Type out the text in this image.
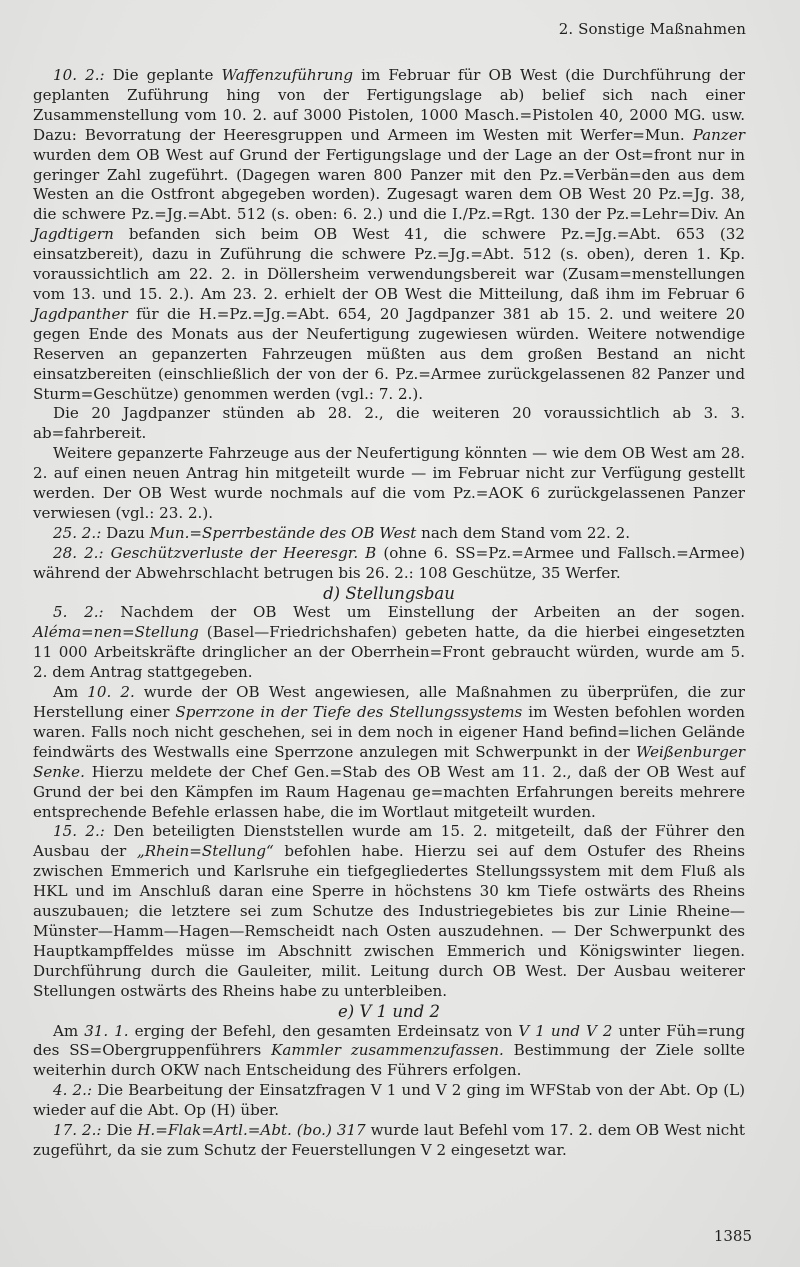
2. Sonstige Maßnahmen

10. 2.: Die geplante Waffenzuführung im Februar für OB West (die Durchführung der geplanten Zuführung hing von der Fertigungslage ab) belief sich nach einer Zusammenstellung vom 10. 2. auf 3000 Pistolen, 1000 Masch.=Pistolen 40, 2000 MG. usw. Dazu: Bevorratung der Heeresgruppen und Armeen im Westen mit Werfer=Mun. Panzer wurden dem OB West auf Grund der Fertigungslage und der Lage an der Ost=front nur in geringer Zahl zugeführt. (Dagegen waren 800 Panzer mit den Pz.=Verbän=den aus dem Westen an die Ostfront abgegeben worden). Zugesagt waren dem OB West 20 Pz.=Jg. 38, die schwere Pz.=Jg.=Abt. 512 (s. oben: 6. 2.) und die I./Pz.=Rgt. 130 der Pz.=Lehr=Div. An Jagdtigern befanden sich beim OB West 41, die schwere Pz.=Jg.=Abt. 653 (32 einsatzbereit), dazu in Zuführung die schwere Pz.=Jg.=Abt. 512 (s. oben), deren 1. Kp. voraussichtlich am 22. 2. in Döllersheim verwendungsbereit war (Zusam=menstellungen vom 13. und 15. 2.). Am 23. 2. erhielt der OB West die Mitteilung, daß ihm im Februar 6 Jagdpanther für die H.=Pz.=Jg.=Abt. 654, 20 Jagdpanzer 381 ab 15. 2. und weitere 20 gegen Ende des Monats aus der Neufertigung zugewiesen würden. Weitere notwendige Reserven an gepanzerten Fahrzeugen müßten aus dem großen Bestand an nicht einsatzbereiten (einschließlich der von der 6. Pz.=Armee zurückgelassenen 82 Panzer und Sturm=Geschütze) genommen werden (vgl.: 7. 2.).

Die 20 Jagdpanzer stünden ab 28. 2., die weiteren 20 voraussichtlich ab 3. 3. ab=fahrbereit.

Weitere gepanzerte Fahrzeuge aus der Neufertigung könnten — wie dem OB West am 28. 2. auf einen neuen Antrag hin mitgeteilt wurde — im Februar nicht zur Verfügung gestellt werden. Der OB West wurde nochmals auf die vom Pz.=AOK 6 zurückgelassenen Panzer verwiesen (vgl.: 23. 2.).

25. 2.: Dazu Mun.=Sperrbestände des OB West nach dem Stand vom 22. 2.

28. 2.: Geschützverluste der Heeresgr. B (ohne 6. SS=Pz.=Armee und Fallsch.=Armee) während der Abwehrschlacht betrugen bis 26. 2.: 108 Geschütze, 35 Werfer.

d) Stellungsbau

5. 2.: Nachdem der OB West um Einstellung der Arbeiten an der sogen. Aléma=nen=Stellung (Basel—Friedrichshafen) gebeten hatte, da die hierbei eingesetzten 11 000 Arbeitskräfte dringlicher an der Oberrhein=Front gebraucht würden, wurde am 5. 2. dem Antrag stattgegeben.

Am 10. 2. wurde der OB West angewiesen, alle Maßnahmen zu überprüfen, die zur Herstellung einer Sperrzone in der Tiefe des Stellungssystems im Westen befohlen worden waren. Falls noch nicht geschehen, sei in dem noch in eigener Hand befind=lichen Gelände feindwärts des Westwalls eine Sperrzone anzulegen mit Schwerpunkt in der Weißenburger Senke. Hierzu meldete der Chef Gen.=Stab des OB West am 11. 2., daß der OB West auf Grund der bei den Kämpfen im Raum Hagenau ge=machten Erfahrungen bereits mehrere entsprechende Befehle erlassen habe, die im Wortlaut mitgeteilt wurden.

15. 2.: Den beteiligten Dienststellen wurde am 15. 2. mitgeteilt, daß der Führer den Ausbau der „Rhein=Stellung“ befohlen habe. Hierzu sei auf dem Ostufer des Rheins zwischen Emmerich und Karlsruhe ein tiefgegliedertes Stellungssystem mit dem Fluß als HKL und im Anschluß daran eine Sperre in höchstens 30 km Tiefe ostwärts des Rheins auszubauen; die letztere sei zum Schutze des Industriegebietes bis zur Linie Rheine—Münster—Hamm—Hagen—Remscheidt nach Osten auszudehnen. — Der Schwerpunkt des Hauptkampffeldes müsse im Abschnitt zwischen Emmerich und Königswinter liegen. Durchführung durch die Gauleiter, milit. Leitung durch OB West. Der Ausbau weiterer Stellungen ostwärts des Rheins habe zu unterbleiben.

e) V 1 und 2

Am 31. 1. erging der Befehl, den gesamten Erdeinsatz von V 1 und V 2 unter Füh=rung des SS=Obergruppenführers Kammler zusammenzufassen. Bestimmung der Ziele sollte weiterhin durch OKW nach Entscheidung des Führers erfolgen.

4. 2.: Die Bearbeitung der Einsatzfragen V 1 und V 2 ging im WFStab von der Abt. Op (L) wieder auf die Abt. Op (H) über.

17. 2.: Die H.=Flak=Artl.=Abt. (bo.) 317 wurde laut Befehl vom 17. 2. dem OB West nicht zugeführt, da sie zum Schutz der Feuerstellungen V 2 eingesetzt war.

1385
